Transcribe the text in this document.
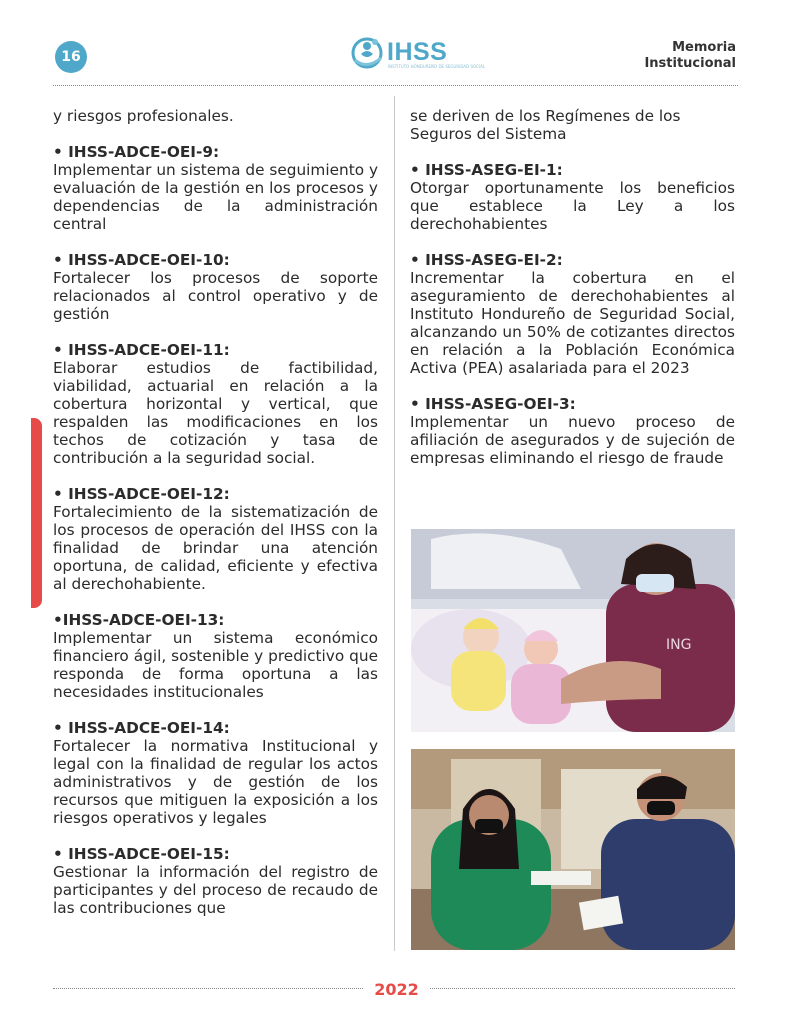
16	IHSS
INSTITUTO HONDUREÑO DE SEGURIDAD SOCIAL
Memoria
Institucional
y riesgos profesionales.
• IHSS-ADCE-OEI-9:
Implementar un sistema de seguimiento y evaluación de la gestión en los procesos y dependencias de la administración central
• IHSS-ADCE-OEI-10:
Fortalecer los procesos de soporte relacionados al control operativo y de gestión
• IHSS-ADCE-OEI-11:
Elaborar estudios de factibilidad, viabilidad, actuarial en relación a la cobertura horizontal y vertical, que respalden las modificaciones en los techos de cotización y tasa de contribución a la seguridad social.
• IHSS-ADCE-OEI-12:
Fortalecimiento de la sistematización de los procesos de operación del IHSS con la finalidad de brindar una atención oportuna, de calidad, eficiente y efectiva al derechohabiente.
•IHSS-ADCE-OEI-13:
Implementar un sistema económico financiero ágil, sostenible y predictivo que responda de forma oportuna a las necesidades institucionales
• IHSS-ADCE-OEI-14:
Fortalecer la normativa Institucional y legal con la finalidad de regular los actos administrativos y de gestión de los recursos que mitiguen la exposición a los riesgos operativos y legales
• IHSS-ADCE-OEI-15:
Gestionar la información del registro de participantes y del proceso de recaudo de las contribuciones que
se deriven de los Regímenes de los Seguros del Sistema
• IHSS-ASEG-EI-1:
Otorgar oportunamente los beneficios que establece la Ley a los derechohabientes
• IHSS-ASEG-EI-2:
Incrementar la cobertura en el aseguramiento de derechohabientes al Instituto Hondureño de Seguridad Social, alcanzando un 50% de cotizantes directos en relación a la Población Económica Activa (PEA) asalariada para el 2023
• IHSS-ASEG-OEI-3:
Implementar un nuevo proceso de afiliación de asegurados y de sujeción de empresas eliminando el riesgo de fraude
ING
2022
